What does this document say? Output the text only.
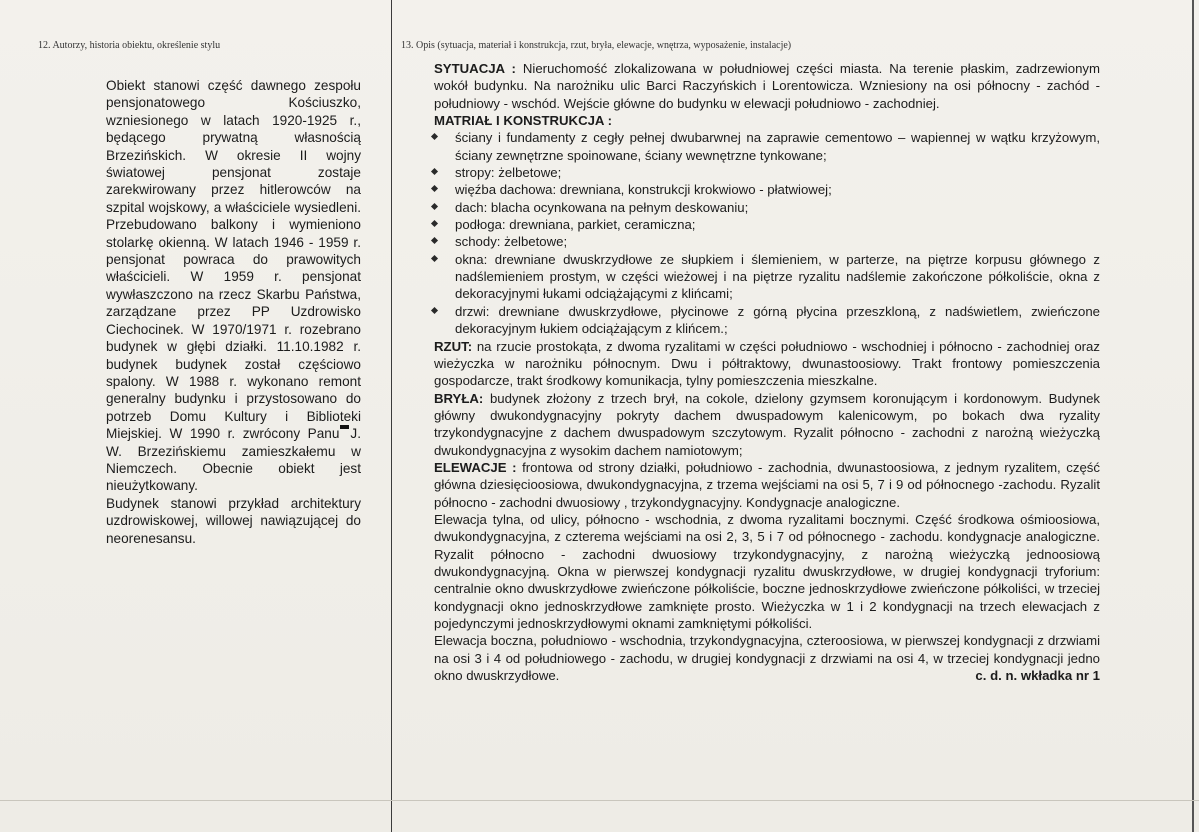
12. Autorzy, historia obiektu, określenie stylu	13. Opis (sytuacja, materiał i konstrukcja, rzut, bryła, elewacje, wnętrza, wyposażenie, instalacje)

Obiekt stanowi część dawnego zespołu pensjonatowego Kościuszko, wzniesionego w latach 1920-1925 r., będącego prywatną własnością Brzezińskich. W okresie II wojny światowej pensjonat zostaje zarekwirowany przez hitlerowców na szpital wojskowy, a właściciele wysiedleni. Przebudowano balkony i wymieniono stolarkę okienną. W latach 1946 - 1959 r. pensjonat powraca do prawowitych właścicieli. W 1959 r. pensjonat wywłaszczono na rzecz Skarbu Państwa, zarządzane przez PP Uzdrowisko Ciechocinek. W 1970/1971 r. rozebrano budynek w głębi działki. 11.10.1982 r. budynek budynek został częściowo spalony. W 1988 r. wykonano remont generalny budynku i przystosowano do potrzeb Domu Kultury i Biblioteki Miejskiej. W 1990 r. zwrócony Panu J. W. Brzezińskiemu zamieszkałemu w Niemczech. Obecnie obiekt jest nieużytkowany.

Budynek stanowi przykład architektury uzdrowiskowej, willowej nawiązującej do neorenesansu.

SYTUACJA : Nieruchomość zlokalizowana w południowej części miasta. Na terenie płaskim, zadrzewionym wokół budynku. Na narożniku ulic Barci Raczyńskich i Lorentowicza. Wzniesiony na osi północny - zachód - południowy - wschód. Wejście główne do budynku w elewacji południowo - zachodniej.

MATRIAŁ I KONSTRUKCJA :

ściany i fundamenty z cegły pełnej dwubarwnej na zaprawie cementowo – wapiennej w wątku krzyżowym, ściany zewnętrzne spoinowane, ściany wewnętrzne tynkowane;
stropy: żelbetowe;
więźba dachowa: drewniana, konstrukcji krokwiowo - płatwiowej;
dach: blacha ocynkowana na pełnym deskowaniu;
podłoga: drewniana, parkiet, ceramiczna;
schody: żelbetowe;
okna: drewniane dwuskrzydłowe ze słupkiem i ślemieniem, w parterze, na piętrze korpusu głównego z nadślemieniem prostym, w części wieżowej i na piętrze ryzalitu nadślemie zakończone półkoliście, okna z dekoracyjnymi łukami odciążającymi z klińcami;
drzwi: drewniane dwuskrzydłowe, płycinowe z górną płycina przeszkloną, z nadświetlem, zwieńczone dekoracyjnym łukiem odciążającym z klińcem.;

RZUT: na rzucie prostokąta, z dwoma ryzalitami w części południowo - wschodniej i północno - zachodniej oraz wieżyczka w narożniku północnym. Dwu i półtraktowy, dwunastoosiowy. Trakt frontowy pomieszczenia gospodarcze, trakt środkowy komunikacja, tylny pomieszczenia mieszkalne.

BRYŁA: budynek złożony z trzech brył, na cokole, dzielony gzymsem koronującym i kordonowym. Budynek główny dwukondygnacyjny pokryty dachem dwuspadowym kalenicowym, po bokach dwa ryzality trzykondygnacyjne z dachem dwuspadowym szczytowym. Ryzalit północno - zachodni z narożną wieżyczką dwukondygnacyjna z wysokim dachem namiotowym;

ELEWACJE : frontowa od strony działki, południowo - zachodnia, dwunastoosiowa, z jednym ryzalitem, część główna dziesięcioosiowa, dwukondygnacyjna, z trzema wejściami na osi 5, 7 i 9 od północnego -zachodu. Ryzalit północno - zachodni dwuosiowy , trzykondygnacyjny. Kondygnacje analogiczne.

Elewacja tylna, od ulicy, północno - wschodnia, z dwoma ryzalitami bocznymi. Część środkowa ośmioosiowa, dwukondygnacyjna, z czterema wejściami na osi 2, 3, 5 i 7 od północnego - zachodu. kondygnacje analogiczne. Ryzalit północno - zachodni dwuosiowy trzykondygnacyjny, z narożną wieżyczką jednoosiową dwukondygnacyjną. Okna w pierwszej kondygnacji ryzalitu dwuskrzydłowe, w drugiej kondygnacji tryforium: centralnie okno dwuskrzydłowe zwieńczone półkoliście, boczne jednoskrzydłowe zwieńczone półkoliści, w trzeciej kondygnacji okno jednoskrzydłowe zamknięte prosto. Wieżyczka w 1 i 2 kondygnacji na trzech elewacjach z pojedynczymi jednoskrzydłowymi oknami zamkniętymi półkoliści.

Elewacja boczna, południowo - wschodnia, trzykondygnacyjna, czteroosiowa, w pierwszej kondygnacji z drzwiami na osi 3 i 4 od południowego - zachodu, w drugiej kondygnacji z drzwiami na osi 4, w trzeciej kondygnacji jedno okno dwuskrzydłowe.	c. d. n. wkładka nr 1
